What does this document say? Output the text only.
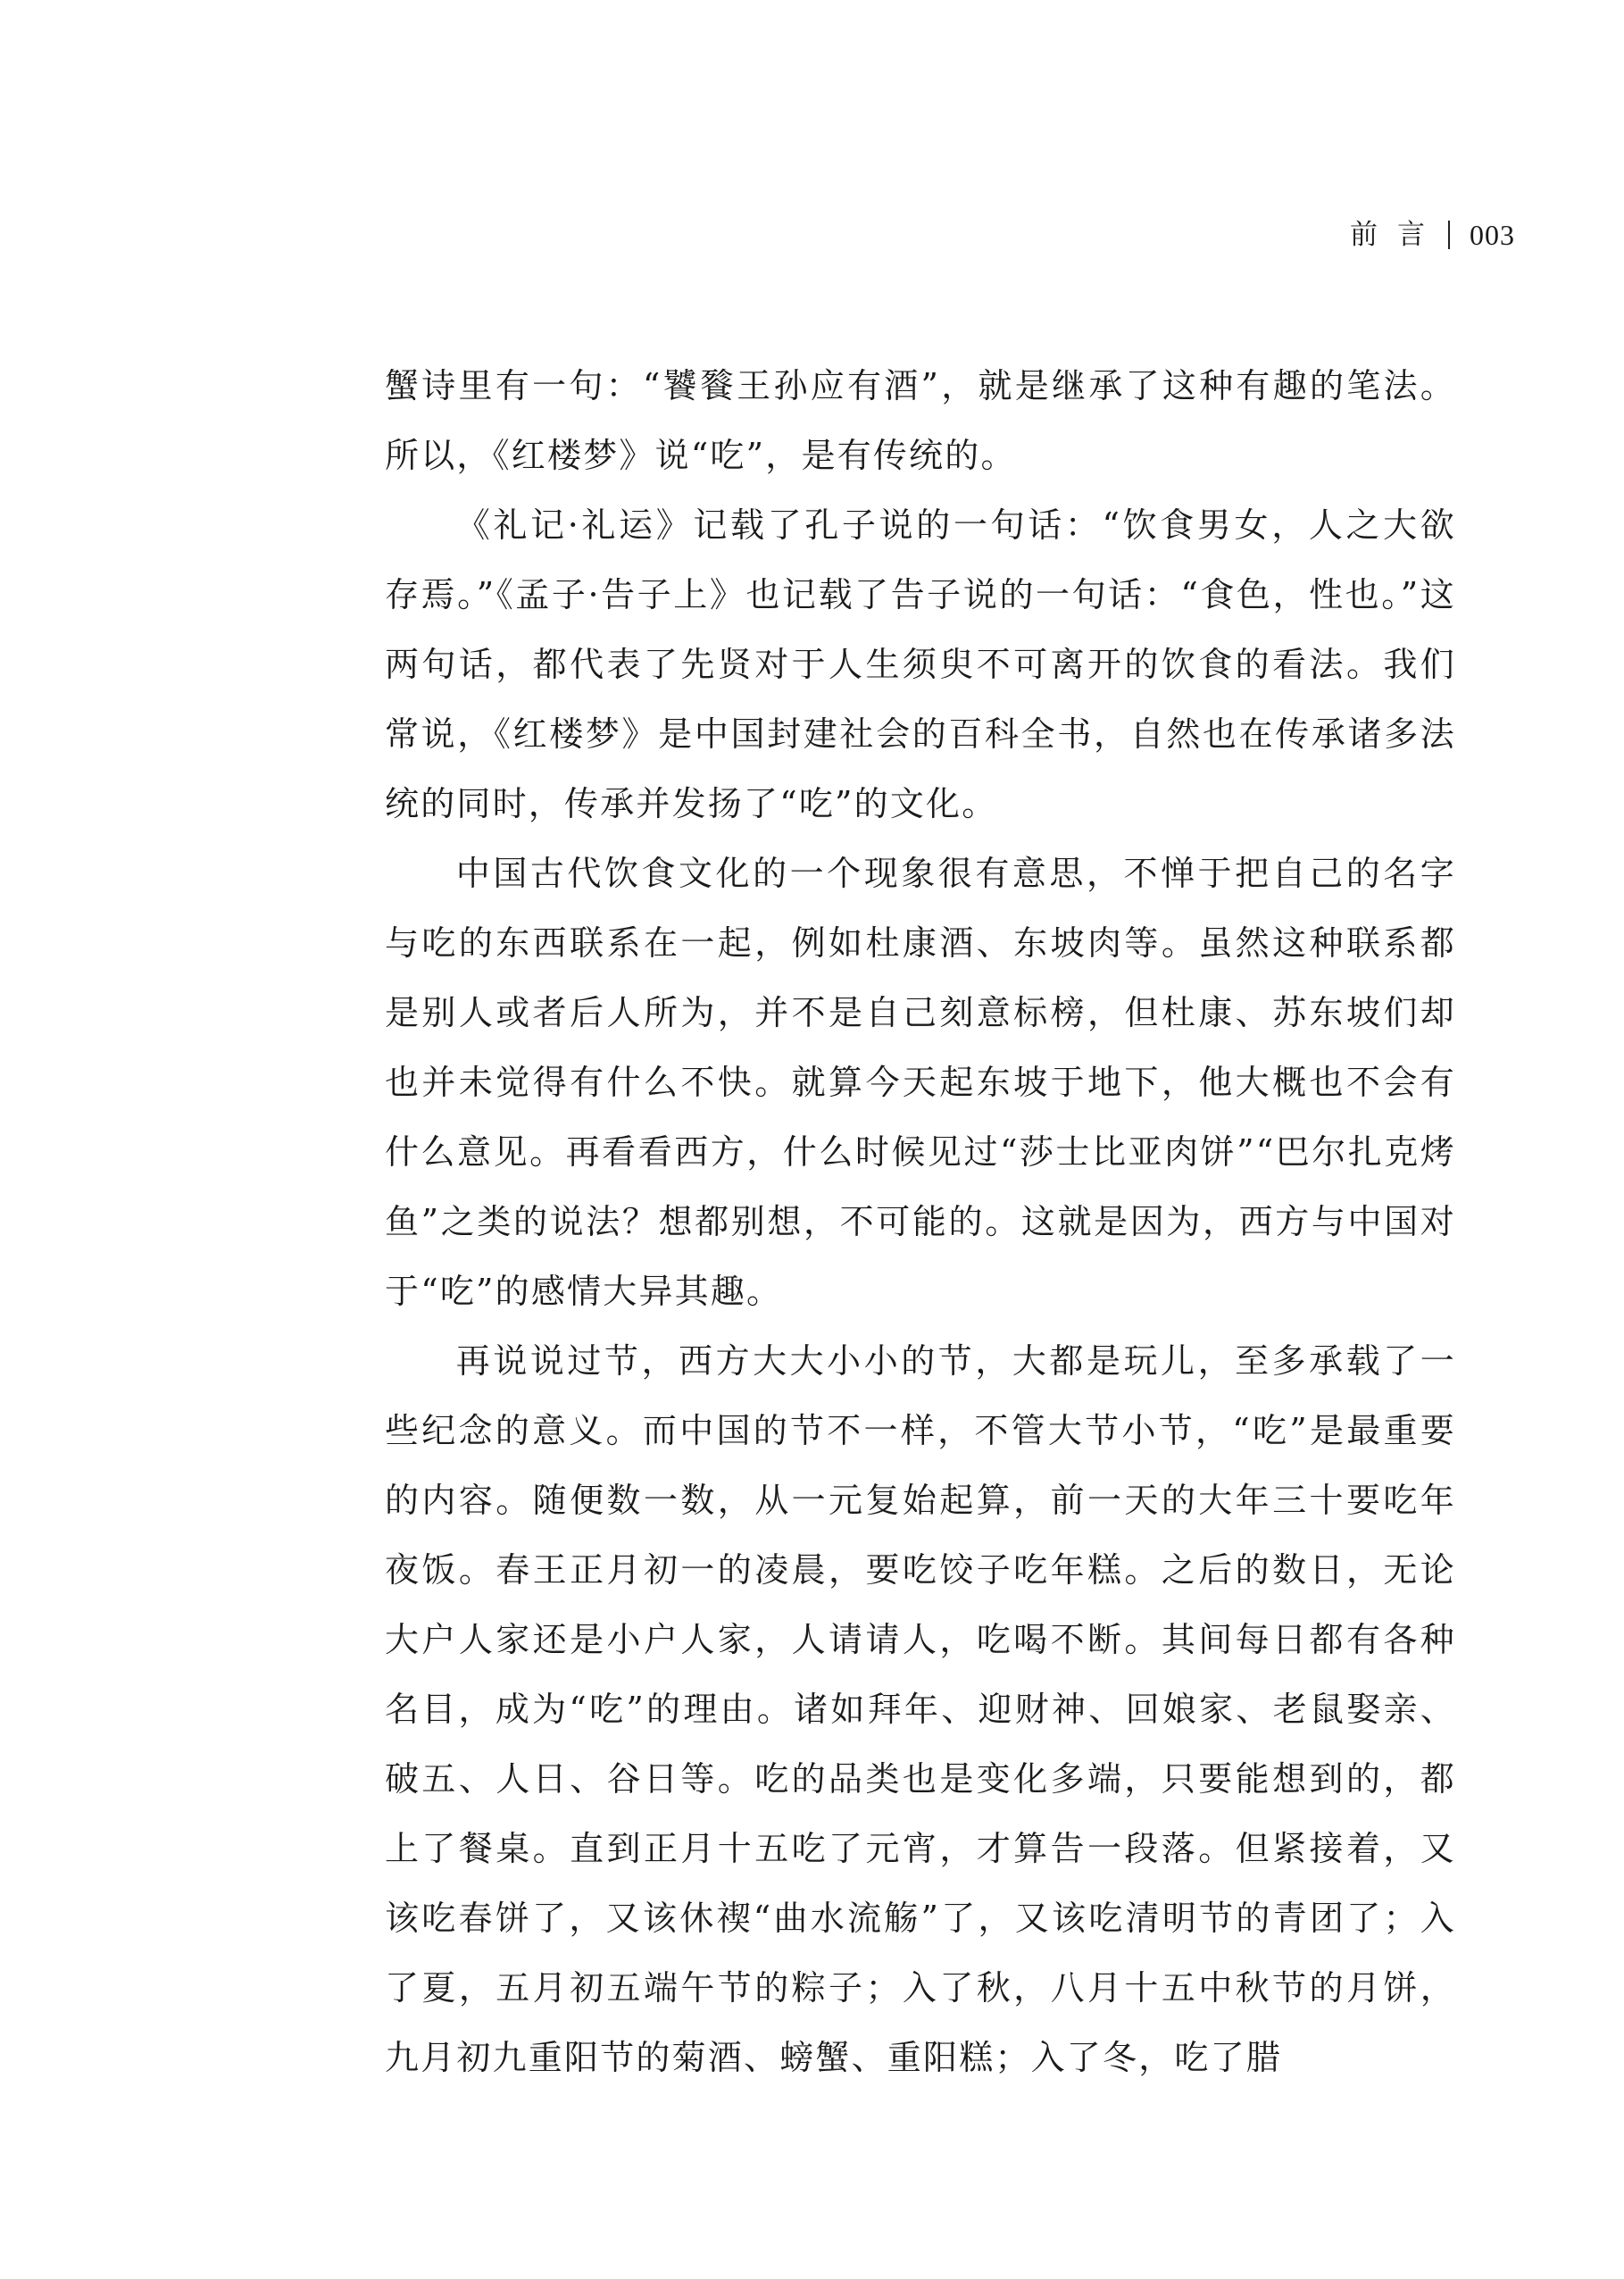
前言 003

蟹诗里有一句：“饕餮王孙应有酒”，就是继承了这种有趣的笔法。所以，《红楼梦》说“吃”，是有传统的。

《礼记·礼运》记载了孔子说的一句话：“饮食男女，人之大欲存焉。”《孟子·告子上》也记载了告子说的一句话：“食色，性也。”这两句话，都代表了先贤对于人生须臾不可离开的饮食的看法。我们常说，《红楼梦》是中国封建社会的百科全书，自然也在传承诸多法统的同时，传承并发扬了“吃”的文化。

中国古代饮食文化的一个现象很有意思，不惮于把自己的名字与吃的东西联系在一起，例如杜康酒、东坡肉等。虽然这种联系都是别人或者后人所为，并不是自己刻意标榜，但杜康、苏东坡们却也并未觉得有什么不快。就算今天起东坡于地下，他大概也不会有什么意见。再看看西方，什么时候见过“莎士比亚肉饼”“巴尔扎克烤鱼”之类的说法？想都别想，不可能的。这就是因为，西方与中国对于“吃”的感情大异其趣。

再说说过节，西方大大小小的节，大都是玩儿，至多承载了一些纪念的意义。而中国的节不一样，不管大节小节，“吃”是最重要的内容。随便数一数，从一元复始起算，前一天的大年三十要吃年夜饭。春王正月初一的凌晨，要吃饺子吃年糕。之后的数日，无论大户人家还是小户人家，人请请人，吃喝不断。其间每日都有各种名目，成为“吃”的理由。诸如拜年、迎财神、回娘家、老鼠娶亲、破五、人日、谷日等。吃的品类也是变化多端，只要能想到的，都上了餐桌。直到正月十五吃了元宵，才算告一段落。但紧接着，又该吃春饼了，又该休禊“曲水流觞”了，又该吃清明节的青团了；入了夏，五月初五端午节的粽子；入了秋，八月十五中秋节的月饼，九月初九重阳节的菊酒、螃蟹、重阳糕；入了冬，吃了腊
